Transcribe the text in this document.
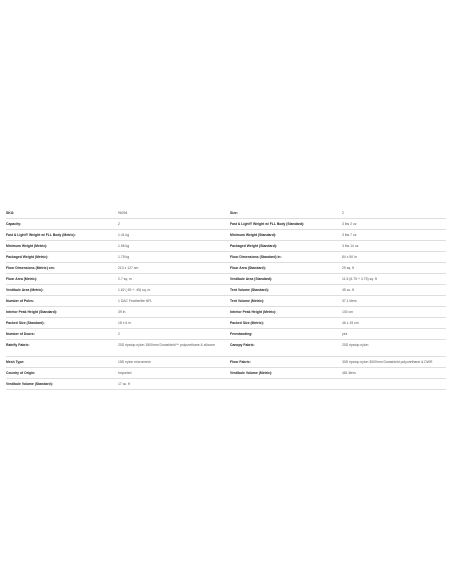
SKU:	96094	Size:	2
Capacity:	2	Fast & Light® Weight w/ FLL Body (Standard):	3 lbs 2 oz
Fast & Light® Weight w/ FLL Body (Metric):	1.41 kg	Minimum Weight (Standard):	3 lbs 7 oz
Minimum Weight (Metric):	1.56 kg	Packaged Weight (Standard):	3 lbs 14 oz
Packaged Weight (Metric):	1.75 kg	Floor Dimensions (Standard) in:	84 x 50 in
Floor Dimensions (Metric) cm:	213 x 127 cm	Floor Area (Standard):	29 sq. ft
Floor Area (Metric):	2.7 sq. m	Vestibule Area (Standard):	11.5 (6.75 + 4.75) sq. ft
Vestibule Area (Metric):	1.62 (.69 + .45) sq. m	Tent Volume (Standard):	45 cu. ft
Number of Poles:	1 DAC Featherlite NFL	Tent Volume (Metric):	37.1 liters
Interior Peak Height (Standard):	39 in	Interior Peak Height (Metric):	100 cm
Packed Size (Standard):	18 x 6 in	Packed Size (Metric):	46 x 15 cm
Number of Doors:	2	Freestanding:	yes
Rainfly Fabric:	20D ripstop nylon 1800mm Durashield™ polyurethane & silicone	Canopy Fabric:	20D ripstop nylon
Mesh Type:	15D nylon micromesh	Floor Fabric:	30D ripstop nylon 3000mm Durashield polyurethane & DWR
Country of Origin:	Imported	Vestibule Volume (Metric):	481 liters
Vestibule Volume (Standard):	17 cu. ft		
